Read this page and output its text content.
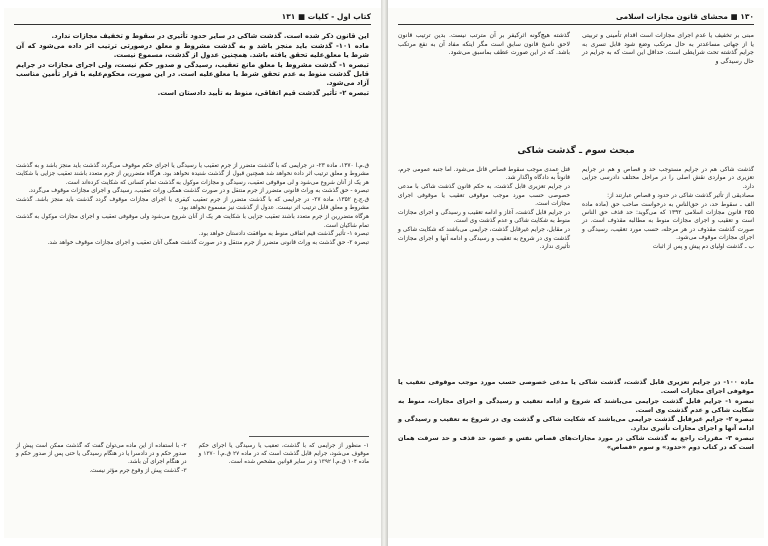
کتاب اول - کلیات ■ ۱۳۱

این قانون ذکر شده است. گذشت شاکی در سایر حدود تأثیری در سقوط و تخفیف مجازات ندارد.

ماده ۱۰۱- گذشت باید منجز باشد و به گذشت مشروط و معلق درصورتی ترتیب اثر داده می‌شود که آن شرط یا معلق‌علیه تحقق یافته باشد. همچنین عدول از گذشت، مسموع نیست.

تبصره ۱- گذشت مشروط یا معلق مانع تعقیب، رسیدگی و صدور حکم نیست، ولی اجرای مجازات در جرایم قابل گذشت منوط به عدم تحقق شرط یا معلق‌علیه است. در این صورت، محکوم‌علیه با قرار تأمین مناسب آزاد می‌شود.

تبصره ۲- تأثیر گذشت قیم اتفاقی، منوط به تأیید دادستان است.

ق.م.ا ۱۳۷۰، ماده ۲۳- در جرایمی که با گذشت متضرر از جرم تعقیب یا رسیدگی یا اجرای حکم موقوف می‌گردد گذشت باید منجز باشد و به گذشت مشروط و معلق ترتیب اثر داده نخواهد شد همچنین قبول از گذشت شنیده نخواهد بود. هرگاه متضررین از جرم متعدد باشند تعقیب جزایی با شکایت هر یک از آنان شروع می‌شود و لی موقوفی تعقیب، رسیدگی و مجازات موکول به گذشت تمام کسانی که شکایت کرده‌اند است.

تبصره - حق گذشت به وراث قانونی متضرر از جرم منتقل و در صورت گذشت همگی وراث تعقیب، رسیدگی و اجرای مجازات موقوف می‌گردد.

ق.ج.ع ۱۳۵۲، ماده ۲۷- در جرایمی که با گذشت متضرر از جرم تعقیب کیفری یا اجرای مجازات موقوف گردد گذشت باید منجز باشد. گذشت مشروط و معلق قابل ترتیب اثر نیست. عدول از گذشت نیز مسموع نخواهد بود.

هرگاه متضررین از جرم متعدد باشند تعقیب جزایی با شکایت هر یک از آنان شروع می‌شود ولی موقوفی تعقیب و اجرای مجازات موکول به گذشت تمام شاکیان است.

تبصره ۱- تأثیر گذشت قیم اتفاقی منوط به موافقت دادستان خواهد بود.

تبصره ۲- حق گذشت به وراث قانونی متضرر از جرم منتقل و در صورت گذشت همگی آنان تعقیب و اجرای مجازات موقوف خواهد شد.

۱- منظور از جرایمی که با گذشت، تعقیب یا رسیدگی یا اجرای حکم موقوف می‌شود، جرایم قابل گذشت است که در ماده ۲۷ ق.م.ا ۱۳۷۰ و ماده ۱۰۴ ق.م.ا ۱۳۹۲ و در سایر قوانین مشخص شده است.

۲- با استفاده از این ماده می‌توان گفت که گذشت ممکن است پیش از صدور حکم و در دادسرا یا در هنگام رسیدگی یا حتی پس از صدور حکم و در هنگام اجرای آن باشد.

۳- گذشت پیش از وقوع جرم مؤثر نیست.

۱۳۰ ■ محشای قانون مجازات اسلامی

مبنی بر تخفیف یا عدم اجرای مجازات است اقدام تأمینی و تربیتی یا از جهاتی مساعدتر به حال مرتکب وضع شود قابل تسری به جرایم گذشته تحت شرایطی است. حداقل این است که به جرایم در حال رسیدگی و

گذشته هیچ‌گونه اثرکیفر بر آن مترتب نیست. بدین ترتیب قانون لاحق ناسخ قانون سابق است مگر اینکه مفاد آن به نفع مرتکب باشد. که در این صورت عطف بماسبق می‌شود.

مبحث سوم ـ گذشت شاکی

گذشت شاکی هم در جرایم مستوجب حد و قصاص و هم در جرایم تعزیری در مواردی نقش اصلی را در مراحل مختلف دادرسی جزایی دارد.

مصادیقی از تأثیر گذشت شاکی در حدود و قصاص عبارتند از:

الف ـ سقوط حد، در حق‌الناس به درخواست صاحب حق (ماده ماده ۲۵۵ قانون مجازات اسلامی ۱۳۹۲ که می‌گوید: حد قذف حق الناس است و تعقیب و اجرای مجازات منوط به مطالبه مقذوف است. در صورت گذشت مقذوف در هر مرحله، حسب مورد تعقیب، رسیدگی و اجرای مجازات موقوف می‌شود.

ب ـ گذشت اولیای دم پیش و پس از اثبات

قتل عمدی موجب سقوط قصاص قاتل می‌شود. اما جنبه عمومی جرم، قانوناً به دادگاه واگذار شد.

در جرایم تعزیری قابل گذشت، به حکم قانون گذشت شاکی با مدعی خصوصی حسب مورد موجب موقوفی تعقیب یا موقوفی اجرای مجازات است.

در جرایم قابل گذشت، آغاز و ادامه تعقیب و رسیدگی و اجرای مجازات منوط به شکایت شاکی و عدم گذشت وی است.

در مقابل، جرایم غیرقابل گذشت، جرایمی می‌باشند که شکایت شاکی و گذشت وی در شروع به تعقیب و رسیدگی و ادامه آنها و اجرای مجازات تأثیری ندارد.

ماده ۱۰۰- در جرایم تعزیری قابل گذشت، گذشت شاکی یا مدعی خصوصی حسب مورد موجب موقوفی تعقیب یا موقوفی اجرای مجازات است.

تبصره ۱- جرایم قابل گذشت جرایمی می‌باشند که شروع و ادامه تعقیب و رسیدگی و اجرای مجازات، منوط به شکایت شاکی و عدم گذشت وی است.

تبصره ۲- جرایم غیرقابل گذشت جرایمی می‌باشند که شکایت شاکی و گذشت وی در شروع به تعقیب و رسیدگی و ادامه آنها و اجرای مجازات تأثیری ندارد.

تبصره ۳- مقررات راجع به گذشت شاکی در مورد مجازات‌های قصاص نفس و عضو، حد قذف و حد سرقت همان است که در کتاب دوم «حدود» و سوم «قصاص»
